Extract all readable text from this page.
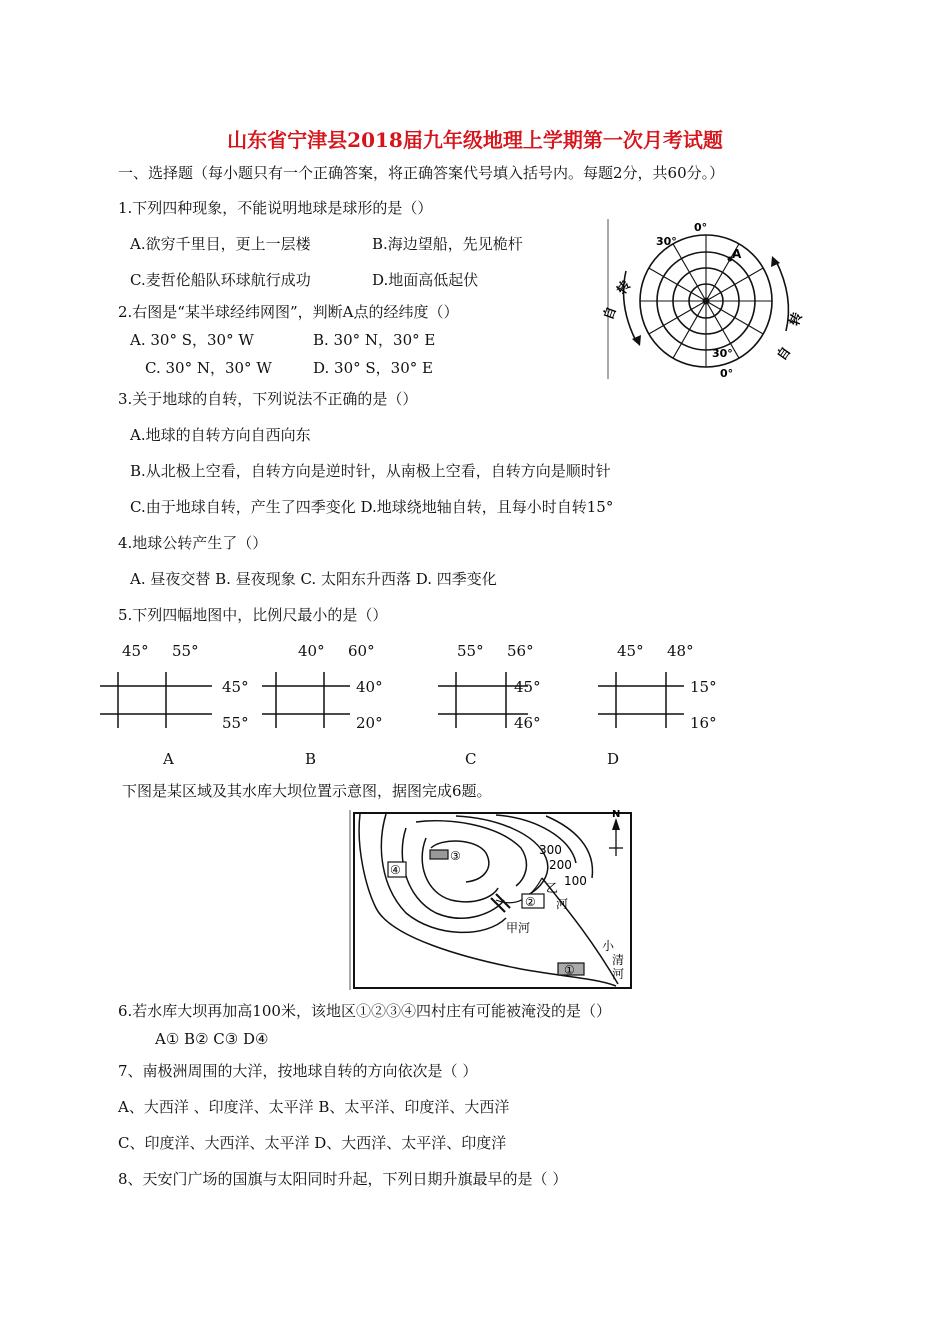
山东省宁津县2018届九年级地理上学期第一次月考试题
一、选择题（每小题只有一个正确答案，将正确答案代号填入括号内。每题2分，共60分。）
1.下列四种现象，不能说明地球是球形的是（）
A.欲穷千里目，更上一层楼	B.海边望船，先见桅杆
C.麦哲伦船队环球航行成功	D.地面高低起伏
2.右图是“某半球经纬网图”，判断A点的经纬度（）
A. 30° S，30° W	B. 30° N，30° E
C. 30° N，30° W	D. 30° S，30° E
0°
0°
30°
30°
A
自
转
转
自
3.关于地球的自转，下列说法不正确的是（）
A.地球的自转方向自西向东
B.从北极上空看，自转方向是逆时针，从南极上空看，自转方向是顺时针
C.由于地球自转，产生了四季变化 D.地球绕地轴自转，且每小时自转15°
4.地球公转产生了（）
A. 昼夜交替 B. 昼夜现象 C. 太阳东升西落 D. 四季变化
5.下列四幅地图中，比例尺最小的是（）
45° 55°
45°
55°
A
40° 60°
40°
20°
B
55° 56°
45°
46°
C
45° 48°
15°
16°
D
下图是某区域及其水库大坝位置示意图，据图完成6题。
N
300
200
100
③
④
②
①
甲河
乙
河
小
清
河
6.若水库大坝再加高100米，该地区①②③④四村庄有可能被淹没的是（）
A① B② C③ D④
7、南极洲周围的大洋，按地球自转的方向依次是（ ）
A、大西洋 、印度洋、太平洋 B、太平洋、印度洋、大西洋
C、印度洋、大西洋、太平洋 D、大西洋、太平洋、印度洋
8、天安门广场的国旗与太阳同时升起，下列日期升旗最早的是（ ）
